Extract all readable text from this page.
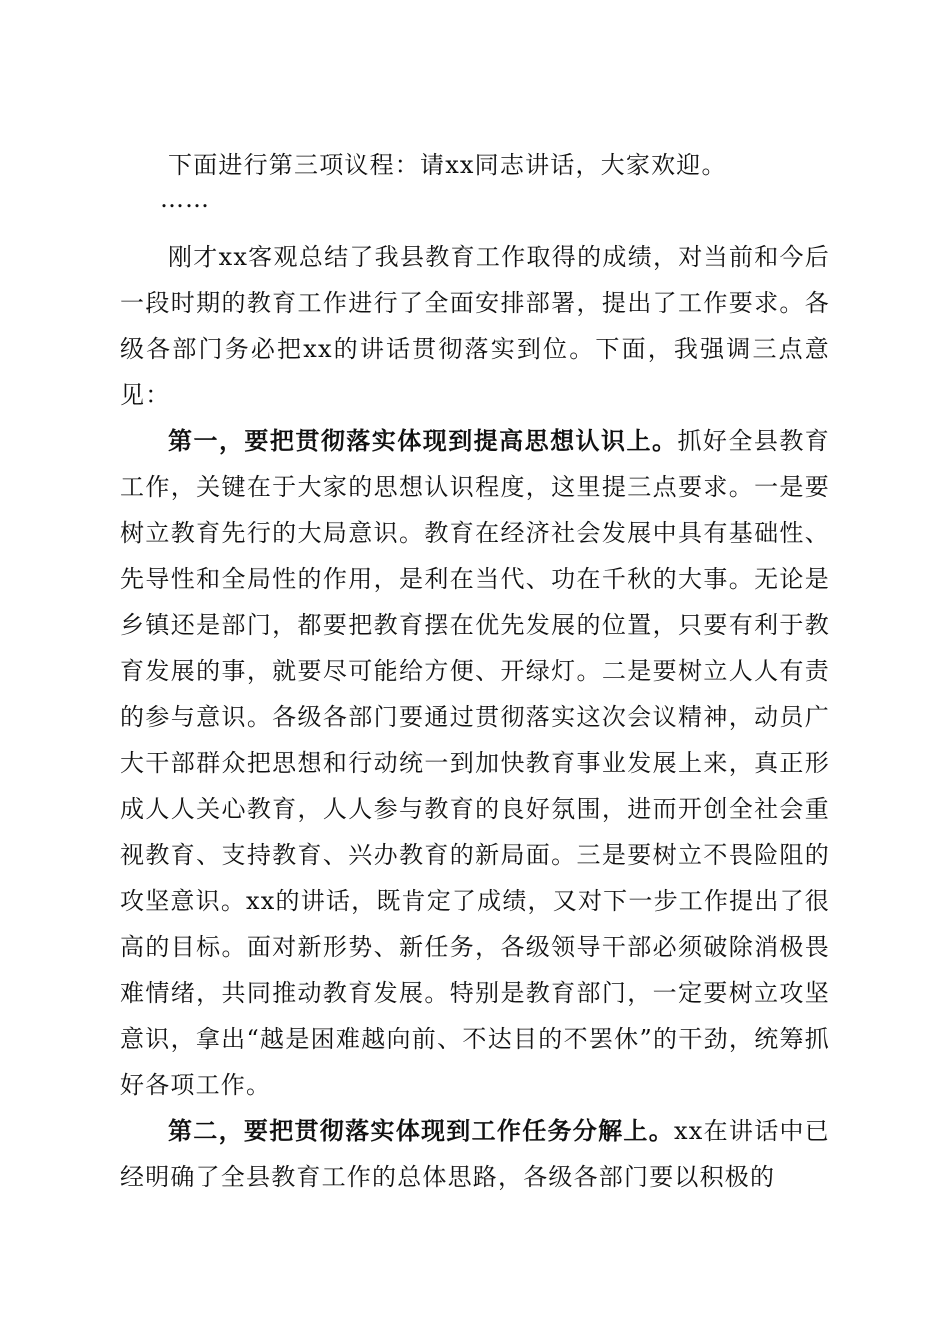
下面进行第三项议程：请xx同志讲话，大家欢迎。

……

刚才xx客观总结了我县教育工作取得的成绩，对当前和今后一段时期的教育工作进行了全面安排部署，提出了工作要求。各级各部门务必把xx的讲话贯彻落实到位。下面，我强调三点意见：

第一，要把贯彻落实体现到提高思想认识上。抓好全县教育工作，关键在于大家的思想认识程度，这里提三点要求。一是要树立教育先行的大局意识。教育在经济社会发展中具有基础性、先导性和全局性的作用，是利在当代、功在千秋的大事。无论是乡镇还是部门，都要把教育摆在优先发展的位置，只要有利于教育发展的事，就要尽可能给方便、开绿灯。二是要树立人人有责的参与意识。各级各部门要通过贯彻落实这次会议精神，动员广大干部群众把思想和行动统一到加快教育事业发展上来，真正形成人人关心教育，人人参与教育的良好氛围，进而开创全社会重视教育、支持教育、兴办教育的新局面。三是要树立不畏险阻的攻坚意识。xx的讲话，既肯定了成绩，又对下一步工作提出了很高的目标。面对新形势、新任务，各级领导干部必须破除消极畏难情绪，共同推动教育发展。特别是教育部门，一定要树立攻坚意识，拿出“越是困难越向前、不达目的不罢休”的干劲，统筹抓好各项工作。

第二，要把贯彻落实体现到工作任务分解上。xx在讲话中已经明确了全县教育工作的总体思路，各级各部门要以积极的
